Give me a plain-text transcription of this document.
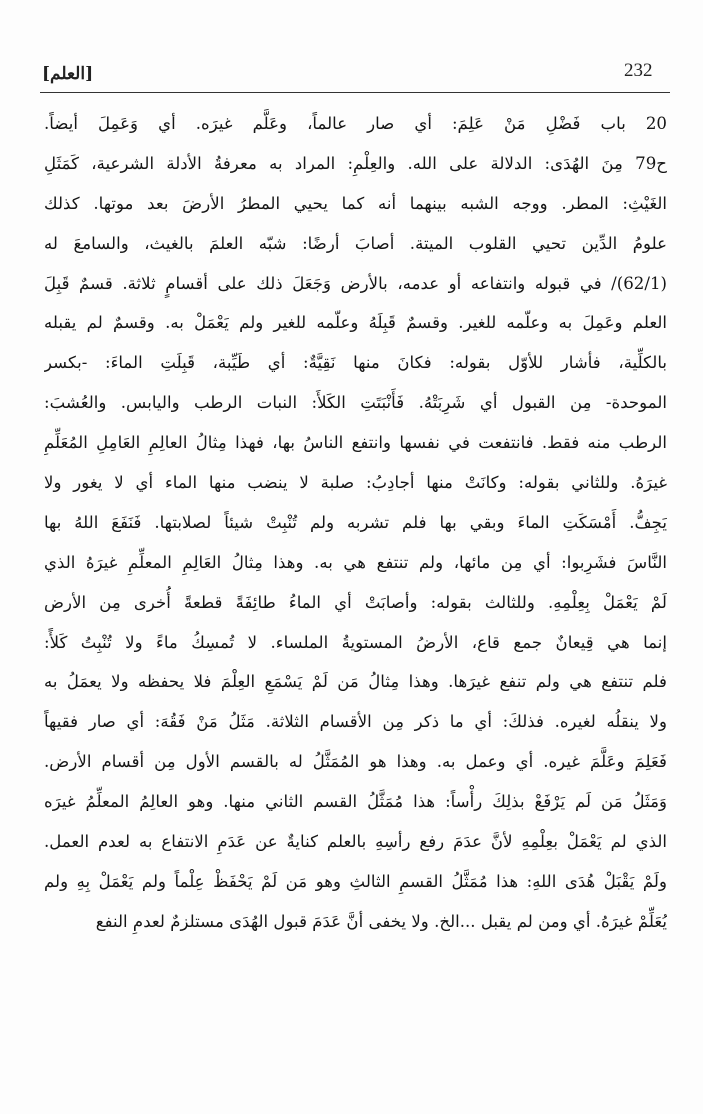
[العلم]	232
20 باب فَضْلِ مَنْ عَلِمَ: أي صار عالماً، وعَلَّم غيرَه. أي وَعَمِلَ أيضاً.
ح79 مِنَ الهُدَى: الدلالة على الله. والعِلْمِ: المراد به معرفةُ الأدلة الشرعية، كَمَثَلِ
الغَيْثِ: المطر. ووجه الشبه بينهما أنه كما يحيي المطرُ الأرضَ بعد موتها. كذلك
علومُ الدِّين تحيي القلوب الميتة. أصابَ أرضًا: شبّه العلمَ بالغيث، والسامعَ له
(62/1)/ في قبوله وانتفاعه أو عدمه، بالأرض وَجَعَلَ ذلك على أقسامٍ ثلاثة. قسمٌ قَبِلَ
العلم وعَمِلَ به وعلّمه للغير. وقسمٌ قَبِلَهُ وعلّمه للغير ولم يَعْمَلْ به. وقسمٌ لم يقبله
بالكلِّية، فأشار للأوّل بقوله: فكانَ منها نَقِيَّةٌ: أي طَيِّبة، قَبِلَتِ الماءَ: -بكسر
الموحدة- مِن القبول أي شَرِبَتْهُ. فَأَنْبَتَتِ الكَلأَ: النبات الرطب واليابس. والعُشبَ:
الرطب منه فقط. فانتفعت في نفسها وانتفع الناسُ بها، فهذا مِثالُ العالِمِ العَامِلِ المُعَلِّمِ
غيرَهُ. وللثاني بقوله: وكانَتْ منها أجادِبُ: صلبة لا ينضب منها الماء أي لا يغور ولا
يَجِفُّ. أَمْسَكَتِ الماءَ وبقي بها فلم تشربه ولم تُنْبِتْ شيئاً لصلابتها. فَنَفَعَ اللهُ بها
النَّاسَ فشَرِبوا: أي مِن مائها، ولم تنتفع هي به. وهذا مِثالُ العَالِمِ المعلِّمِ غيرَهُ الذي
لَمْ يَعْمَلْ بِعِلْمِهِ. وللثالث بقوله: وأصابَتْ أي الماءُ طائِفَةً قطعةً أُخرى مِن الأرض
إنما هي قِيعانٌ جمع قاع، الأرضُ المستويةُ الملساء. لا تُمسِكُ ماءً ولا تُنْبِتُ كَلأً:
فلم تنتفع هي ولم تنفع غيرَها. وهذا مِثالُ مَن لَمْ يَسْمَعِ العِلْمَ فلا يحفظه ولا يعمَلُ به
ولا ينقلُه لغيره. فذلكَ: أي ما ذكر مِن الأقسام الثلاثة. مَثَلُ مَنْ فَقُهَ: أي صار فقيهاً
فَعَلِمَ وعَلَّمَ غيره. أي وعمل به. وهذا هو المُمَثَّلُ له بالقسم الأول مِن أقسام الأرض.
وَمَثَلُ مَن لَم يَرْفَعْ بذلِكَ رأْساً: هذا مُمَثَّلُ القسم الثاني منها. وهو العالِمُ المعلِّمُ غيرَه
الذي لم يَعْمَلْ بعِلْمِهِ لأنَّ عدَمَ رفع رأسِهِ بالعلم كنايةٌ عن عَدَمِ الانتفاع به لعدم العمل.
ولَمْ يَقْبَلْ هُدَى اللهِ: هذا مُمَثَّلُ القسمِ الثالثِ وهو مَن لَمْ يَحْفَظْ عِلْماً ولم يَعْمَلْ بِهِ ولم
يُعَلِّمْ غيرَهُ. أي ومن لم يقبل ...الخ. ولا يخفى أنَّ عَدَمَ قبول الهُدَى مستلزمٌ لعدمِ النفع
